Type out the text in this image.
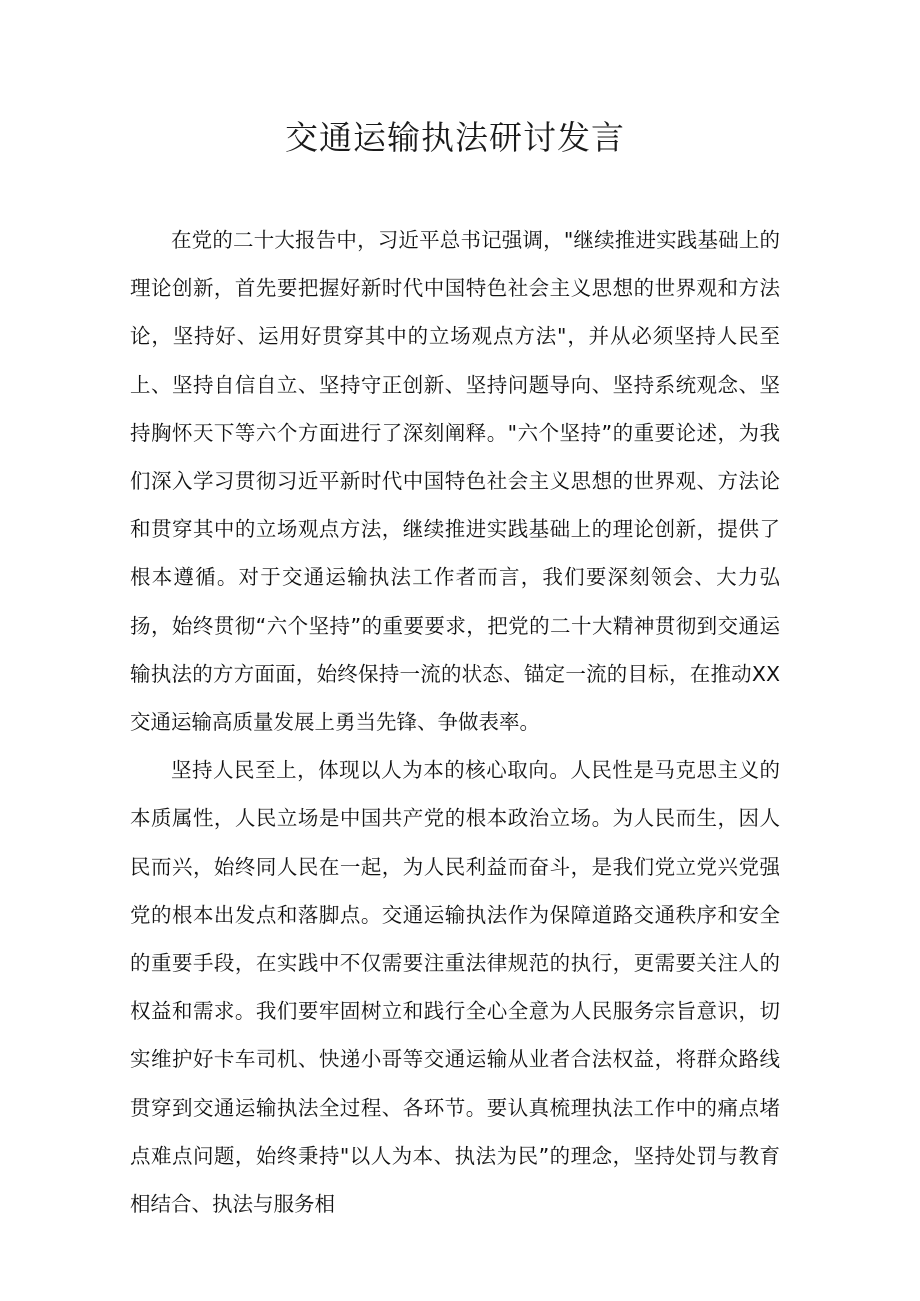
交通运输执法研讨发言

在党的二十大报告中，习近平总书记强调，"继续推进实践基础上的理论创新，首先要把握好新时代中国特色社会主义思想的世界观和方法论，坚持好、运用好贯穿其中的立场观点方法"，并从必须坚持人民至上、坚持自信自立、坚持守正创新、坚持问题导向、坚持系统观念、坚持胸怀天下等六个方面进行了深刻阐释。"六个坚持”的重要论述，为我们深入学习贯彻习近平新时代中国特色社会主义思想的世界观、方法论和贯穿其中的立场观点方法，继续推进实践基础上的理论创新，提供了根本遵循。对于交通运输执法工作者而言，我们要深刻领会、大力弘扬，始终贯彻“六个坚持”的重要要求，把党的二十大精神贯彻到交通运输执法的方方面面，始终保持一流的状态、锚定一流的目标，在推动XX交通运输高质量发展上勇当先锋、争做表率。

坚持人民至上，体现以人为本的核心取向。人民性是马克思主义的本质属性，人民立场是中国共产党的根本政治立场。为人民而生，因人民而兴，始终同人民在一起，为人民利益而奋斗，是我们党立党兴党强党的根本出发点和落脚点。交通运输执法作为保障道路交通秩序和安全的重要手段，在实践中不仅需要注重法律规范的执行，更需要关注人的权益和需求。我们要牢固树立和践行全心全意为人民服务宗旨意识，切实维护好卡车司机、快递小哥等交通运输从业者合法权益，将群众路线贯穿到交通运输执法全过程、各环节。要认真梳理执法工作中的痛点堵点难点问题，始终秉持"以人为本、执法为民”的理念，坚持处罚与教育相结合、执法与服务相
